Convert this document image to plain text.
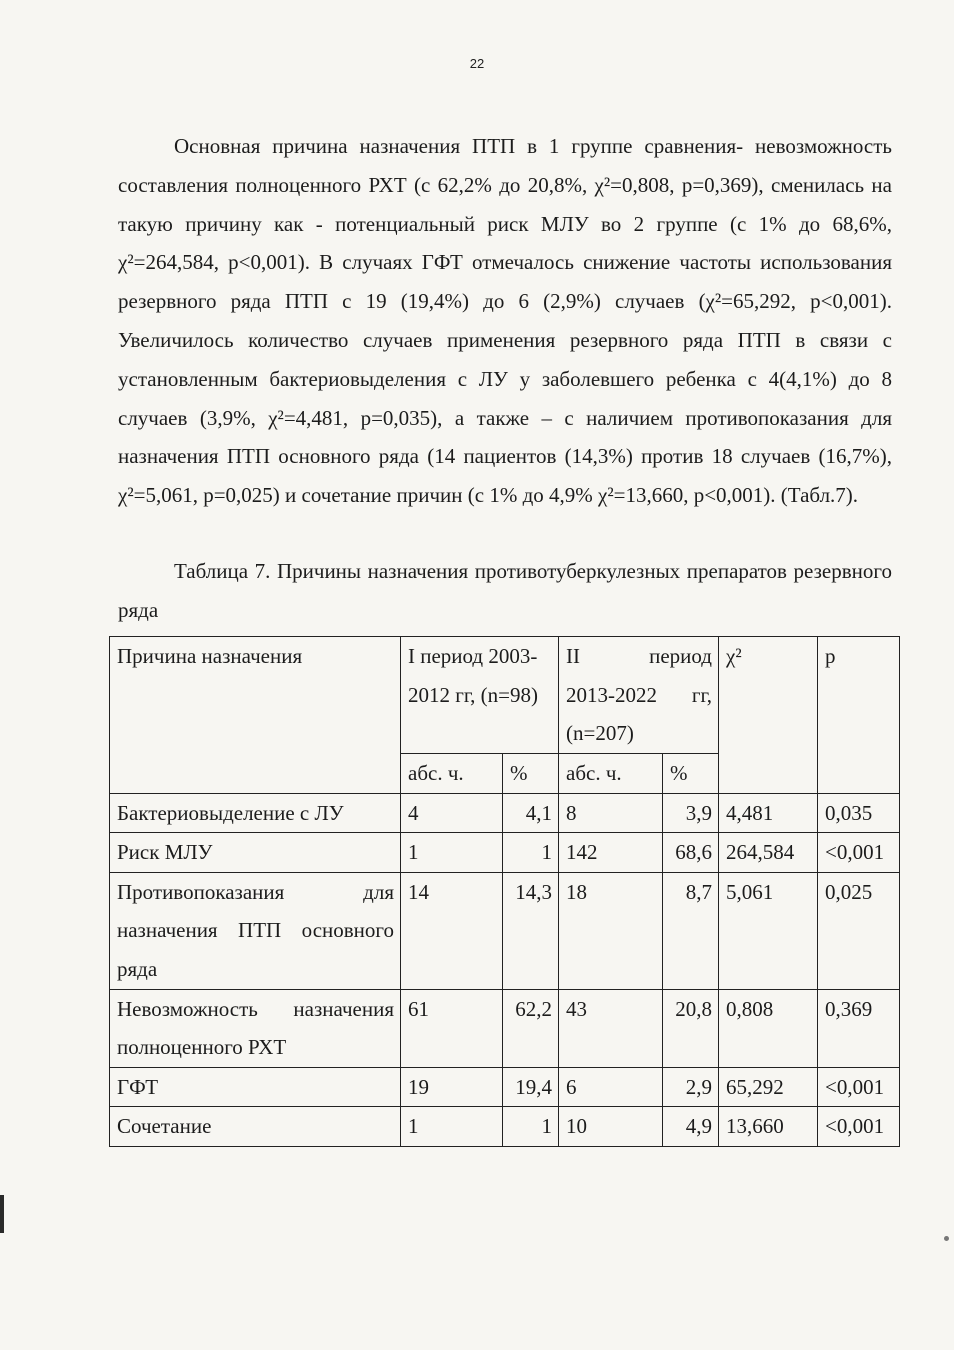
22

Основная причина назначения ПТП в 1 группе сравнения- невозможность составления полноценного РХТ (с 62,2% до 20,8%, χ²=0,808, р=0,369), сменилась на такую причину как - потенциальный риск МЛУ во 2 группе (с 1% до 68,6%, χ²=264,584, р<0,001). В случаях ГФТ отмечалось снижение частоты использования резервного ряда ПТП с 19 (19,4%) до 6 (2,9%) случаев (χ²=65,292, р<0,001). Увеличилось количество случаев применения резервного ряда ПТП в связи с установленным бактериовыделения с ЛУ у заболевшего ребенка с 4(4,1%) до 8 случаев (3,9%, χ²=4,481, р=0,035), а также – с наличием противопоказания для назначения ПТП основного ряда (14 пациентов (14,3%) против 18 случаев (16,7%), χ²=5,061, р=0,025) и сочетание причин (с 1% до 4,9% χ²=13,660, р<0,001). (Табл.7).

Таблица 7. Причины назначения противотуберкулезных препаратов резервного ряда

Причина назначения	I период 2003-2012 гг, (n=98)		II период
2013-2022 гг,
(n=207)		χ²	p
	абс. ч.	%	абс. ч.	%		
Бактериовыделение с ЛУ	4	4,1	8	3,9	4,481	0,035
Риск МЛУ	1	1	142	68,6	264,584	<0,001
Противопоказания для назначения ПТП основного ряда	14	14,3	18	8,7	5,061	0,025
Невозможность назначения полноценного РХТ	61	62,2	43	20,8	0,808	0,369
ГФТ	19	19,4	6	2,9	65,292	<0,001
Сочетание	1	1	10	4,9	13,660	<0,001
